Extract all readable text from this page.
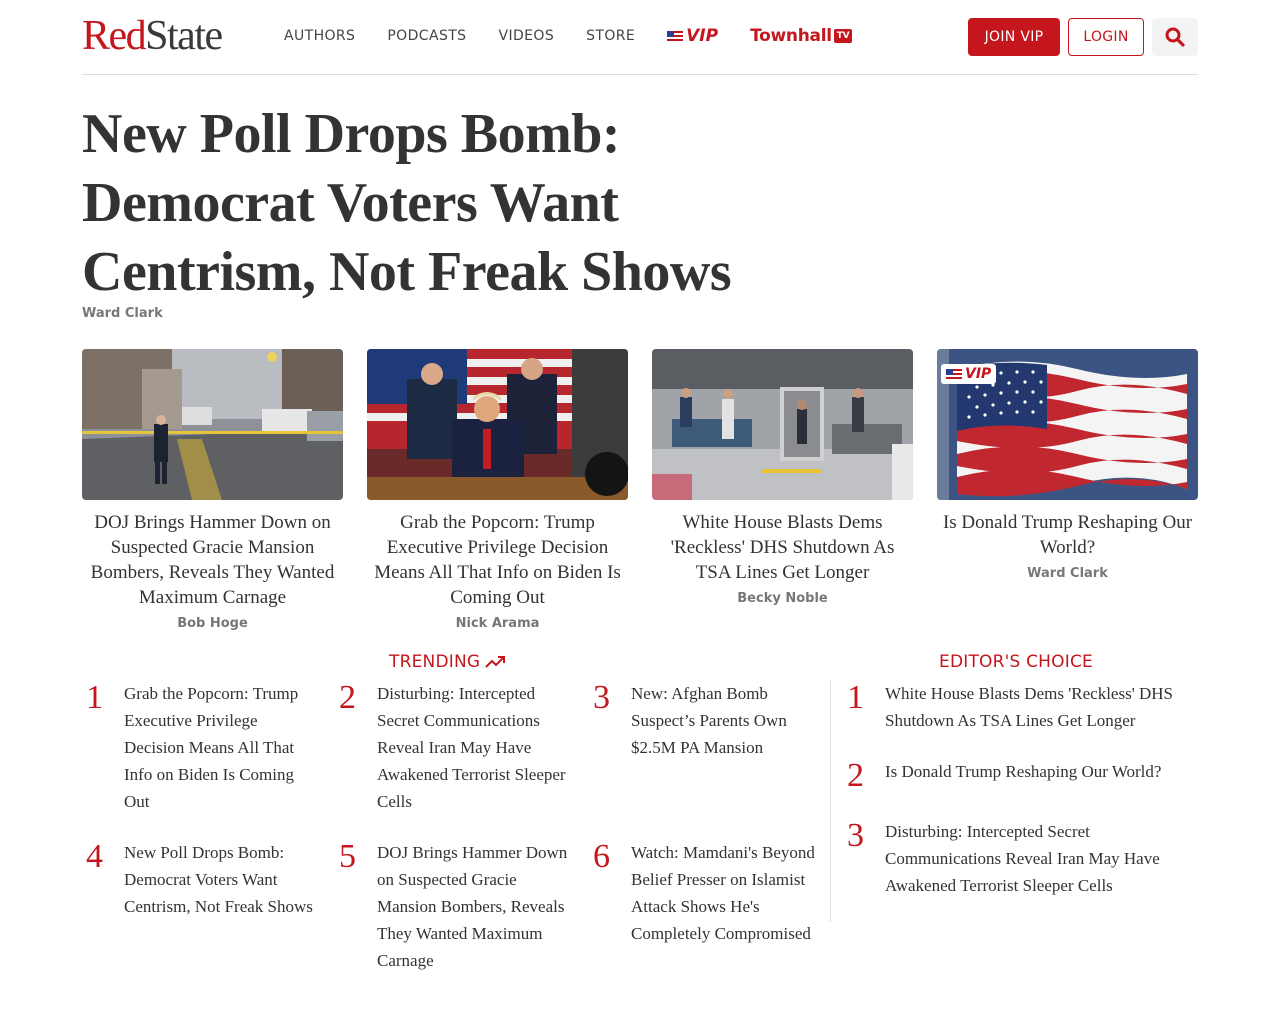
RedState	AUTHORS PODCASTS VIDEOS STORE	VIP Townhall TV	JOIN VIP	LOGIN
New Poll Drops Bomb: Democrat Voters Want Centrism, Not Freak Shows
Ward Clark
DOJ Brings Hammer Down on Suspected Gracie Mansion Bombers, Reveals They Wanted Maximum Carnage
Bob Hoge
Grab the Popcorn: Trump Executive Privilege Decision Means All That Info on Biden Is Coming Out
Nick Arama
White House Blasts Dems 'Reckless' DHS Shutdown As TSA Lines Get Longer
Becky Noble
VIP
Is Donald Trump Reshaping Our World?
Ward Clark
TRENDING
1	Grab the Popcorn: Trump Executive Privilege Decision Means All That Info on Biden Is Coming Out
2	Disturbing: Intercepted Secret Communications Reveal Iran May Have Awakened Terrorist Sleeper Cells
3	New: Afghan Bomb Suspect’s Parents Own $2.5M PA Mansion
4	New Poll Drops Bomb: Democrat Voters Want Centrism, Not Freak Shows
5	DOJ Brings Hammer Down on Suspected Gracie Mansion Bombers, Reveals They Wanted Maximum Carnage
6	Watch: Mamdani's Beyond Belief Presser on Islamist Attack Shows He's Completely Compromised
EDITOR'S CHOICE
1	White House Blasts Dems 'Reckless' DHS Shutdown As TSA Lines Get Longer
2	Is Donald Trump Reshaping Our World?
3	Disturbing: Intercepted Secret Communications Reveal Iran May Have Awakened Terrorist Sleeper Cells
